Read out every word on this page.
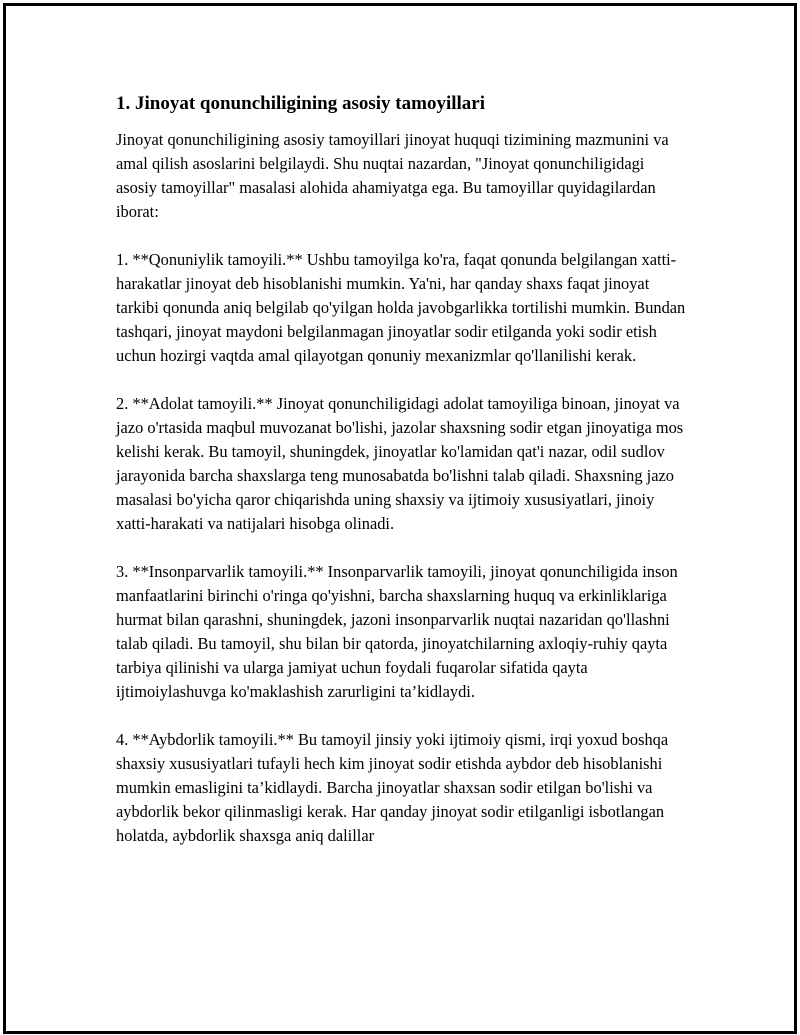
1. Jinoyat qonunchiligining asosiy tamoyillari

Jinoyat qonunchiligining asosiy tamoyillari jinoyat huquqi tizimining mazmunini va amal qilish asoslarini belgilaydi. Shu nuqtai nazardan, "Jinoyat qonunchiligidagi asosiy tamoyillar" masalasi alohida ahamiyatga ega. Bu tamoyillar quyidagilardan iborat:

1. **Qonuniylik tamoyili.** Ushbu tamoyilga ko'ra, faqat qonunda belgilangan xatti-harakatlar jinoyat deb hisoblanishi mumkin. Ya'ni, har qanday shaxs faqat jinoyat tarkibi qonunda aniq belgilab qo'yilgan holda javobgarlikka tortilishi mumkin. Bundan tashqari, jinoyat maydoni belgilanmagan jinoyatlar sodir etilganda yoki sodir etish uchun hozirgi vaqtda amal qilayotgan qonuniy mexanizmlar qo'llanilishi kerak.

2. **Adolat tamoyili.** Jinoyat qonunchiligidagi adolat tamoyiliga binoan, jinoyat va jazo o'rtasida maqbul muvozanat bo'lishi, jazolar shaxsning sodir etgan jinoyatiga mos kelishi kerak. Bu tamoyil, shuningdek, jinoyatlar ko'lamidan qat'i nazar, odil sudlov jarayonida barcha shaxslarga teng munosabatda bo'lishni talab qiladi. Shaxsning jazo masalasi bo'yicha qaror chiqarishda uning shaxsiy va ijtimoiy xususiyatlari, jinoiy xatti-harakati va natijalari hisobga olinadi.

3. **Insonparvarlik tamoyili.** Insonparvarlik tamoyili, jinoyat qonunchiligida inson manfaatlarini birinchi o'ringa qo'yishni, barcha shaxslarning huquq va erkinliklariga hurmat bilan qarashni, shuningdek, jazoni insonparvarlik nuqtai nazaridan qo'llashni talab qiladi. Bu tamoyil, shu bilan bir qatorda, jinoyatchilarning axloqiy-ruhiy qayta tarbiya qilinishi va ularga jamiyat uchun foydali fuqarolar sifatida qayta ijtimoiylashuvga ko'maklashish zarurligini ta’kidlaydi.

4. **Aybdorlik tamoyili.** Bu tamoyil jinsiy yoki ijtimoiy qismi, irqi yoxud boshqa shaxsiy xususiyatlari tufayli hech kim jinoyat sodir etishda aybdor deb hisoblanishi mumkin emasligini ta’kidlaydi. Barcha jinoyatlar shaxsan sodir etilgan bo'lishi va aybdorlik bekor qilinmasligi kerak. Har qanday jinoyat sodir etilganligi isbotlangan holatda, aybdorlik shaxsga aniq dalillar
